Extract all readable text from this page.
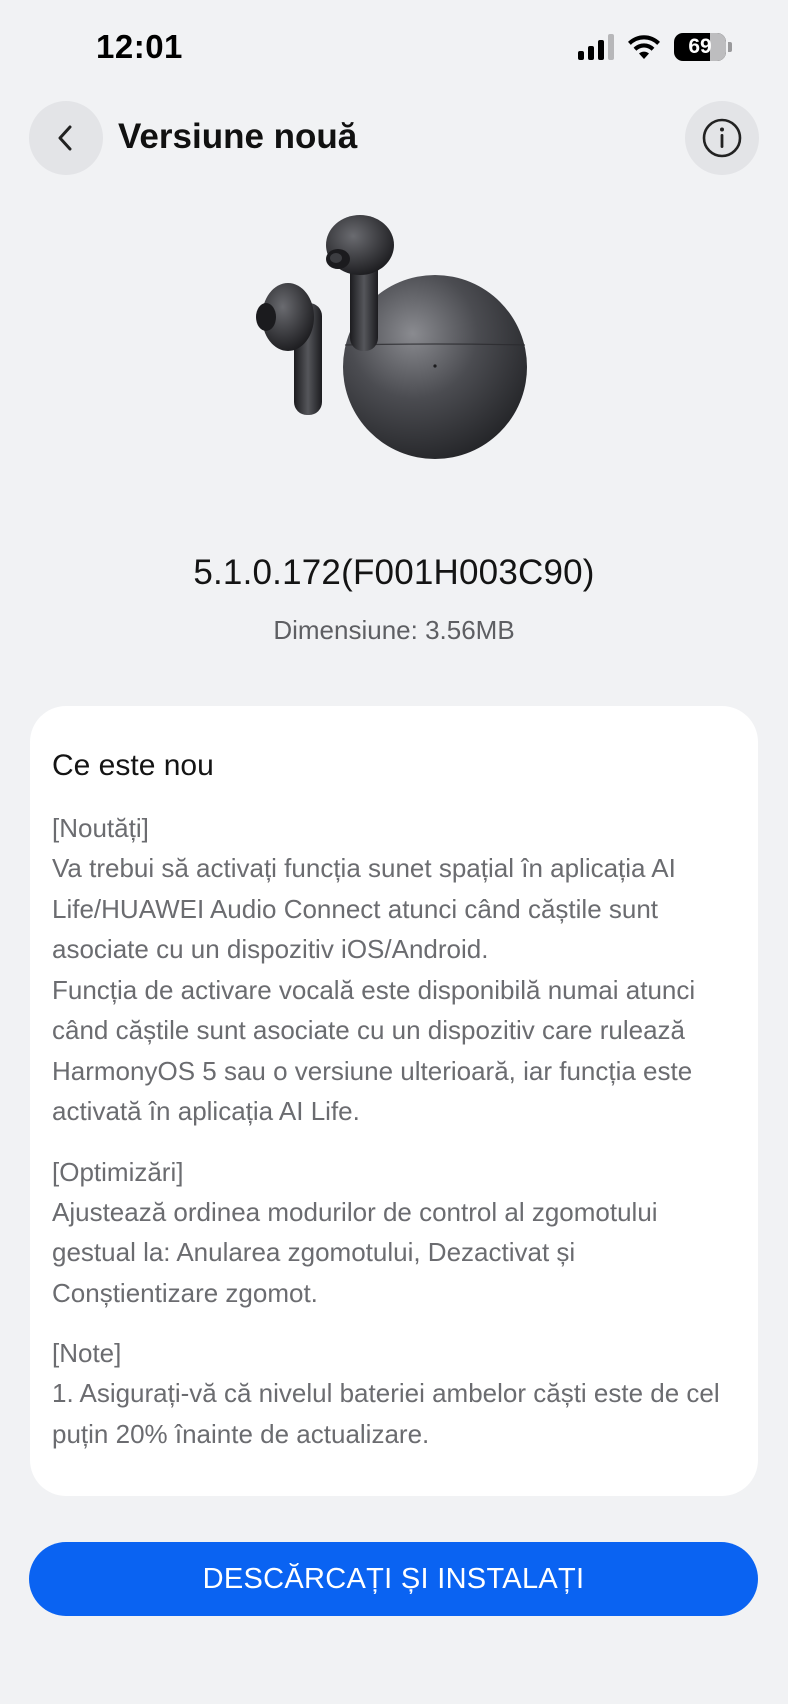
12:01	69
Versiune nouă
5.1.0.172(F001H003C90)
Dimensiune: 3.56MB
Ce este nou
[Noutăți]
Va trebui să activați funcția sunet spațial în aplicația AI Life/HUAWEI Audio Connect atunci când căștile sunt asociate cu un dispozitiv iOS/Android.
Funcția de activare vocală este disponibilă numai atunci când căștile sunt asociate cu un dispozitiv care rulează HarmonyOS 5 sau o versiune ulterioară, iar funcția este activată în aplicația AI Life.
[Optimizări]
Ajustează ordinea modurilor de control al zgomotului gestual la: Anularea zgomotului, Dezactivat și Conștientizare zgomot.
[Note]
1. Asigurați-vă că nivelul bateriei ambelor căști este de cel puțin 20% înainte de actualizare.
DESCĂRCAȚI ȘI INSTALAȚI
